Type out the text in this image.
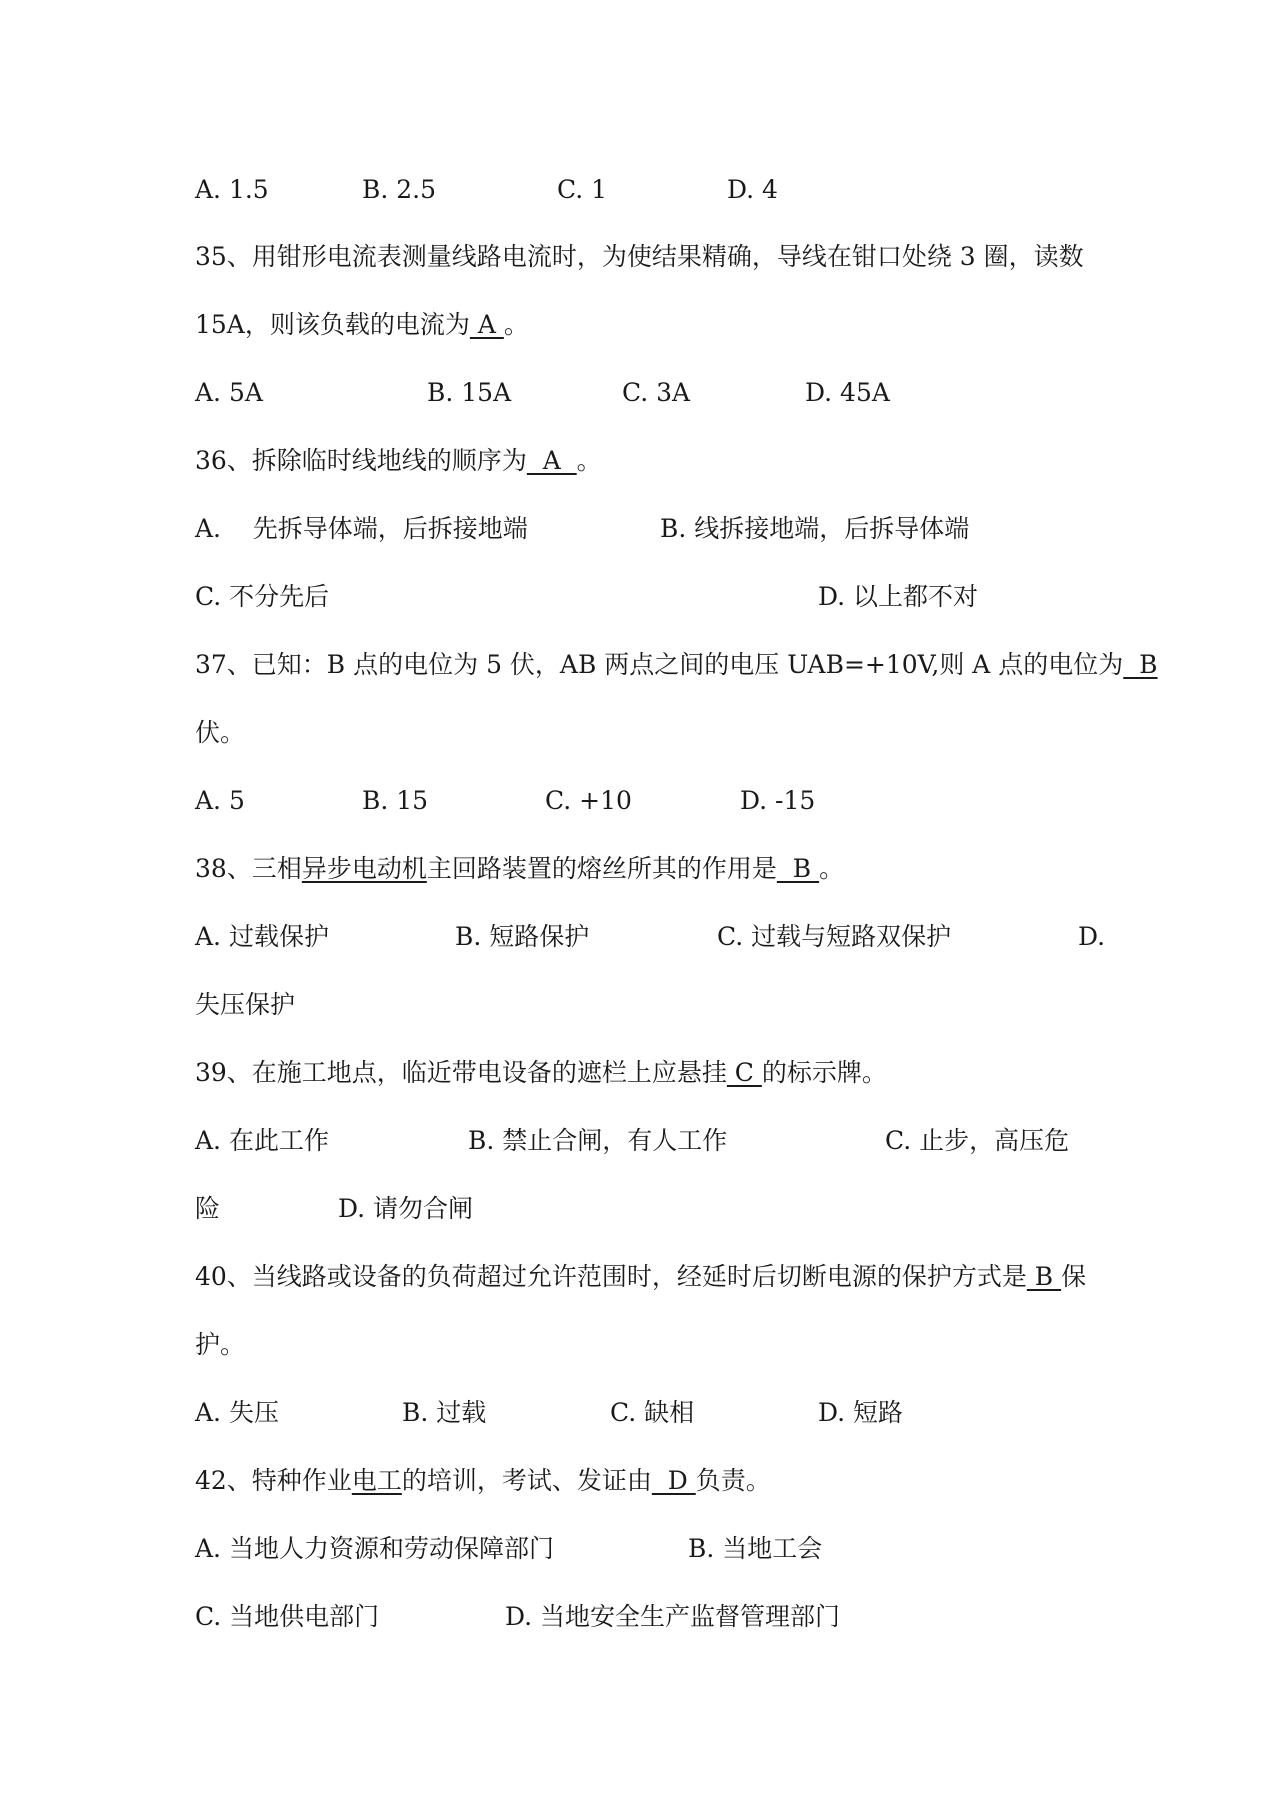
A. 1.5	B. 2.5	C. 1	D. 4
35、用钳形电流表测量线路电流时，为使结果精确，导线在钳口处绕 3 圈，读数
15A，则该负载的电流为 A 。
A. 5A	B. 15A	C. 3A	D. 45A
36、拆除临时线地线的顺序为  A  。
A.    先拆导体端，后拆接地端	B. 线拆接地端，后拆导体端
C. 不分先后	D. 以上都不对
37、已知：B 点的电位为 5 伏，AB 两点之间的电压 UAB=+10V,则 A 点的电位为  B
伏。
A. 5	B. 15	C. +10	D. -15
38、三相异步电动机主回路装置的熔丝所其的作用是  B 。
A. 过载保护	B. 短路保护	C. 过载与短路双保护	D.
失压保护
39、在施工地点，临近带电设备的遮栏上应悬挂 C 的标示牌。
A. 在此工作	B. 禁止合闸，有人工作	C. 止步，高压危
险	D. 请勿合闸
40、当线路或设备的负荷超过允许范围时，经延时后切断电源的保护方式是 B 保
护。
A. 失压	B. 过载	C. 缺相	D. 短路
42、特种作业电工的培训，考试、发证由  D 负责。
A. 当地人力资源和劳动保障部门	B. 当地工会
C. 当地供电部门	D. 当地安全生产监督管理部门
